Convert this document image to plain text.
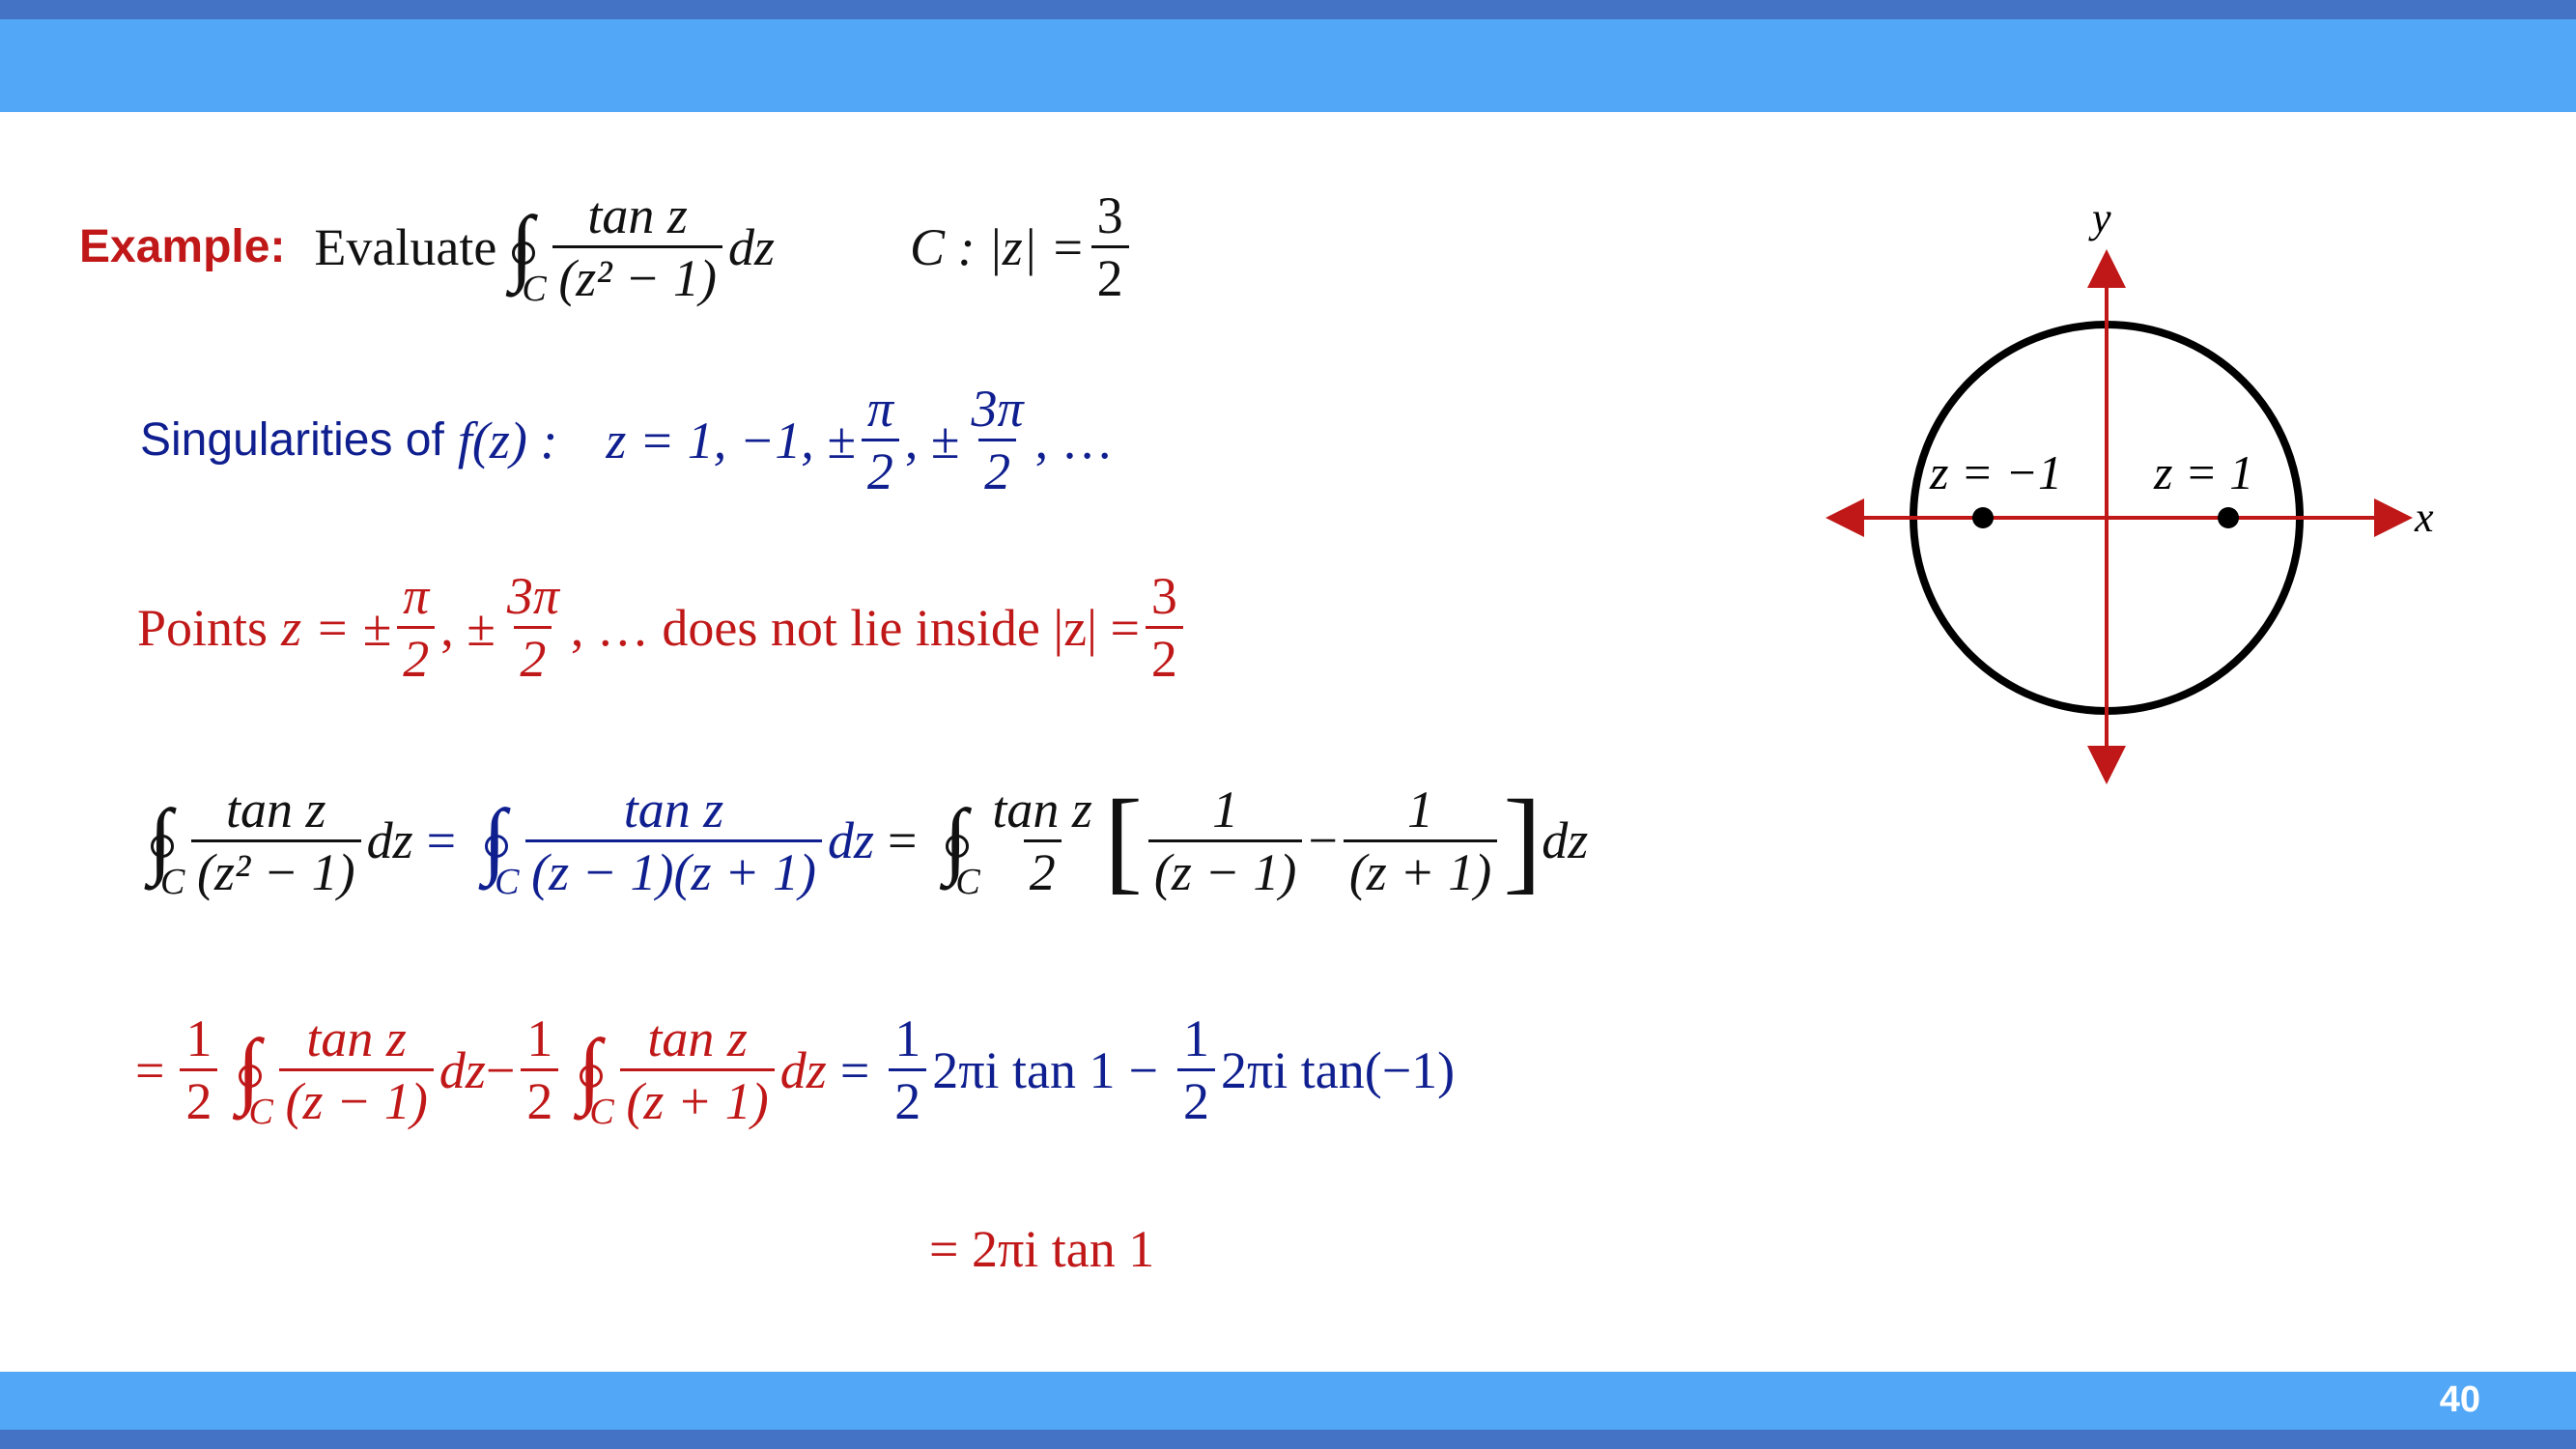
Example: Evaluate ∫
C $\frac{\text{tan z}}{\text{(z² − 1)}}$ dz	C : $|z| = \frac{3}{2}$
Singularities of f(z) : z = 1, −1, ± $\frac{\pi}{2}$ , ± $\frac{3\pi}{2}$ , …
Points z = ± $\frac{\pi}{2}$ , ± $\frac{3\pi}{2}$ , … does not lie inside $|z| = \frac{3}{2}$
∫
C $\frac{\text{tan z}}{\text{(z² − 1)}}$ dz = ∫
C $\frac{\text{tan z}}{(z - 1)(z + 1)}$ dz = ∫
C $\frac{\text{tan z}}{2}$ [ $\frac{1}{(z - 1)} - \frac{1}{(z + 1)}$ ] dz
= $\frac{1}{2}$ ∫
C $\frac{\text{tan z}}{(z - 1)}$ dz − $\frac{1}{2}$ ∫
C $\frac{\text{tan z}}{(z + 1)}$ dz = $\frac{1}{2} 2\pi i$ $\tan 1 - \frac{1}{2} 2\pi i$ tan(−1)
= 2πi tan 1
y
x
z = −1 z = 1
40
